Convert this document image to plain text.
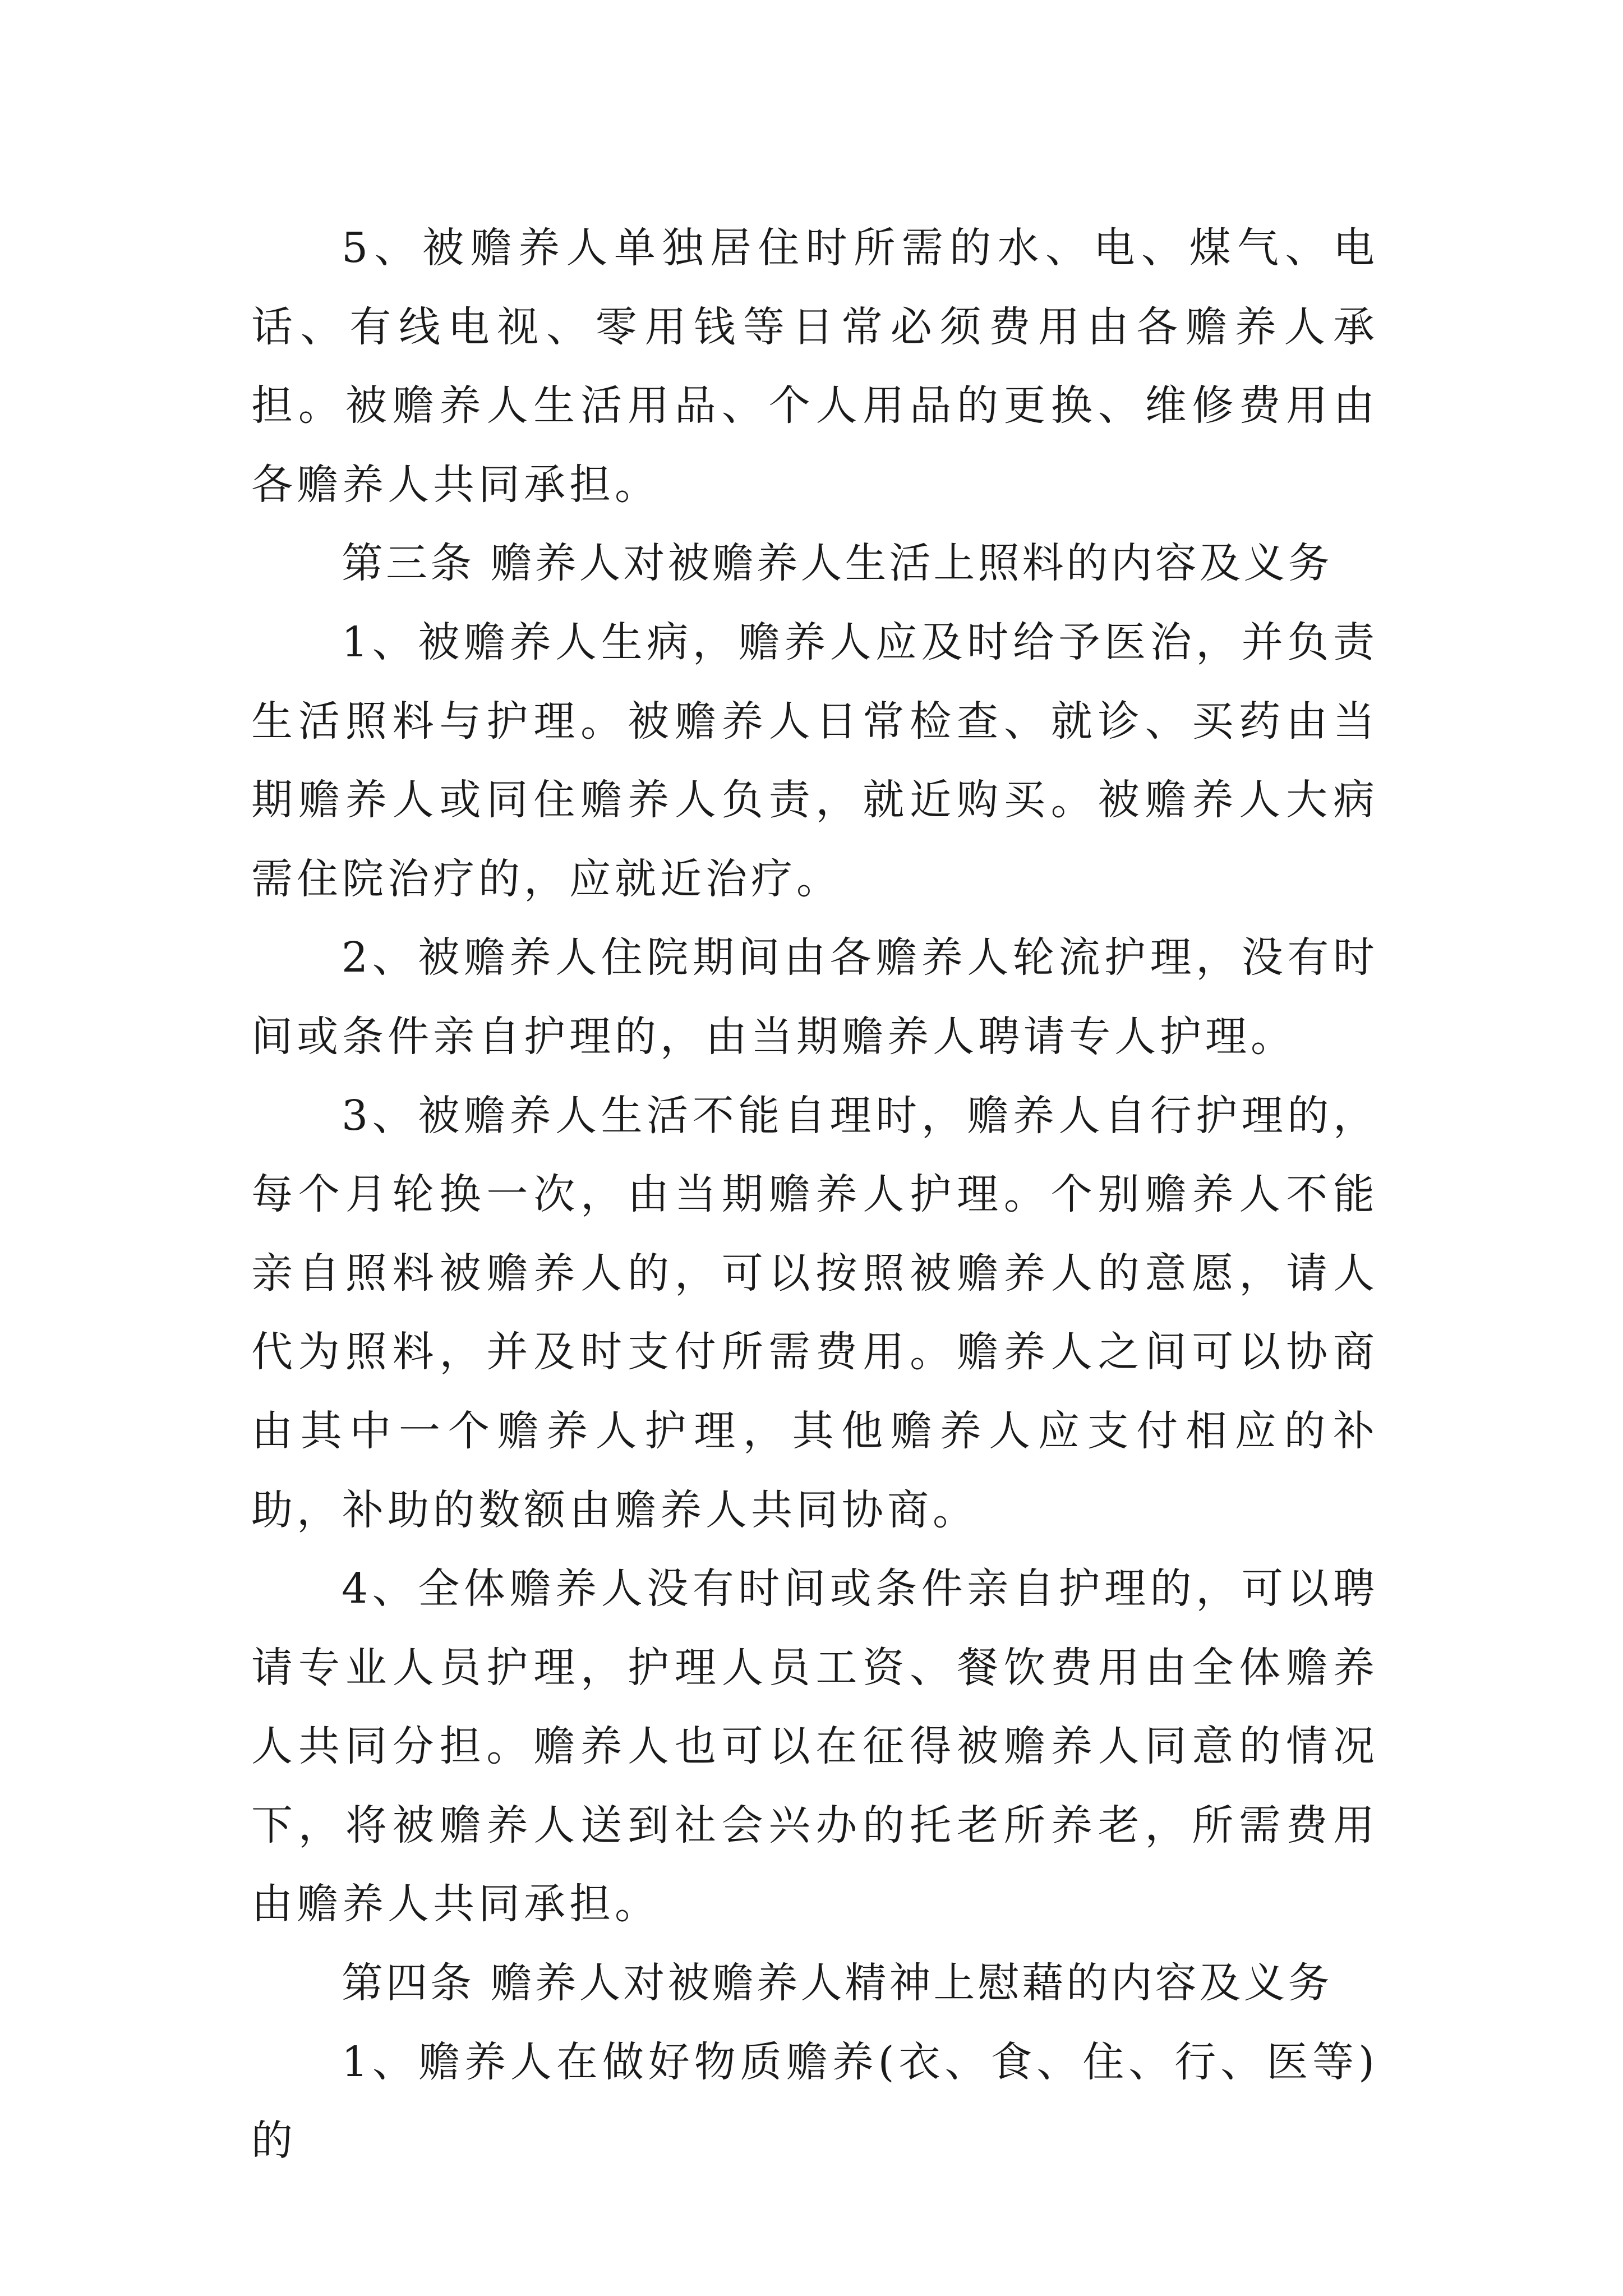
5、被赡养人单独居住时所需的水、电、煤气、电话、有线电视、零用钱等日常必须费用由各赡养人承担。被赡养人生活用品、个人用品的更换、维修费用由各赡养人共同承担。

第三条 赡养人对被赡养人生活上照料的内容及义务

1、被赡养人生病，赡养人应及时给予医治，并负责生活照料与护理。被赡养人日常检查、就诊、买药由当期赡养人或同住赡养人负责，就近购买。被赡养人大病需住院治疗的，应就近治疗。

2、被赡养人住院期间由各赡养人轮流护理，没有时间或条件亲自护理的，由当期赡养人聘请专人护理。

3、被赡养人生活不能自理时，赡养人自行护理的，每个月轮换一次，由当期赡养人护理。个别赡养人不能亲自照料被赡养人的，可以按照被赡养人的意愿，请人代为照料，并及时支付所需费用。赡养人之间可以协商由其中一个赡养人护理，其他赡养人应支付相应的补助，补助的数额由赡养人共同协商。

4、全体赡养人没有时间或条件亲自护理的，可以聘请专业人员护理，护理人员工资、餐饮费用由全体赡养人共同分担。赡养人也可以在征得被赡养人同意的情况下，将被赡养人送到社会兴办的托老所养老，所需费用由赡养人共同承担。

第四条 赡养人对被赡养人精神上慰藉的内容及义务

1、赡养人在做好物质赡养(衣、食、住、行、医等)的
